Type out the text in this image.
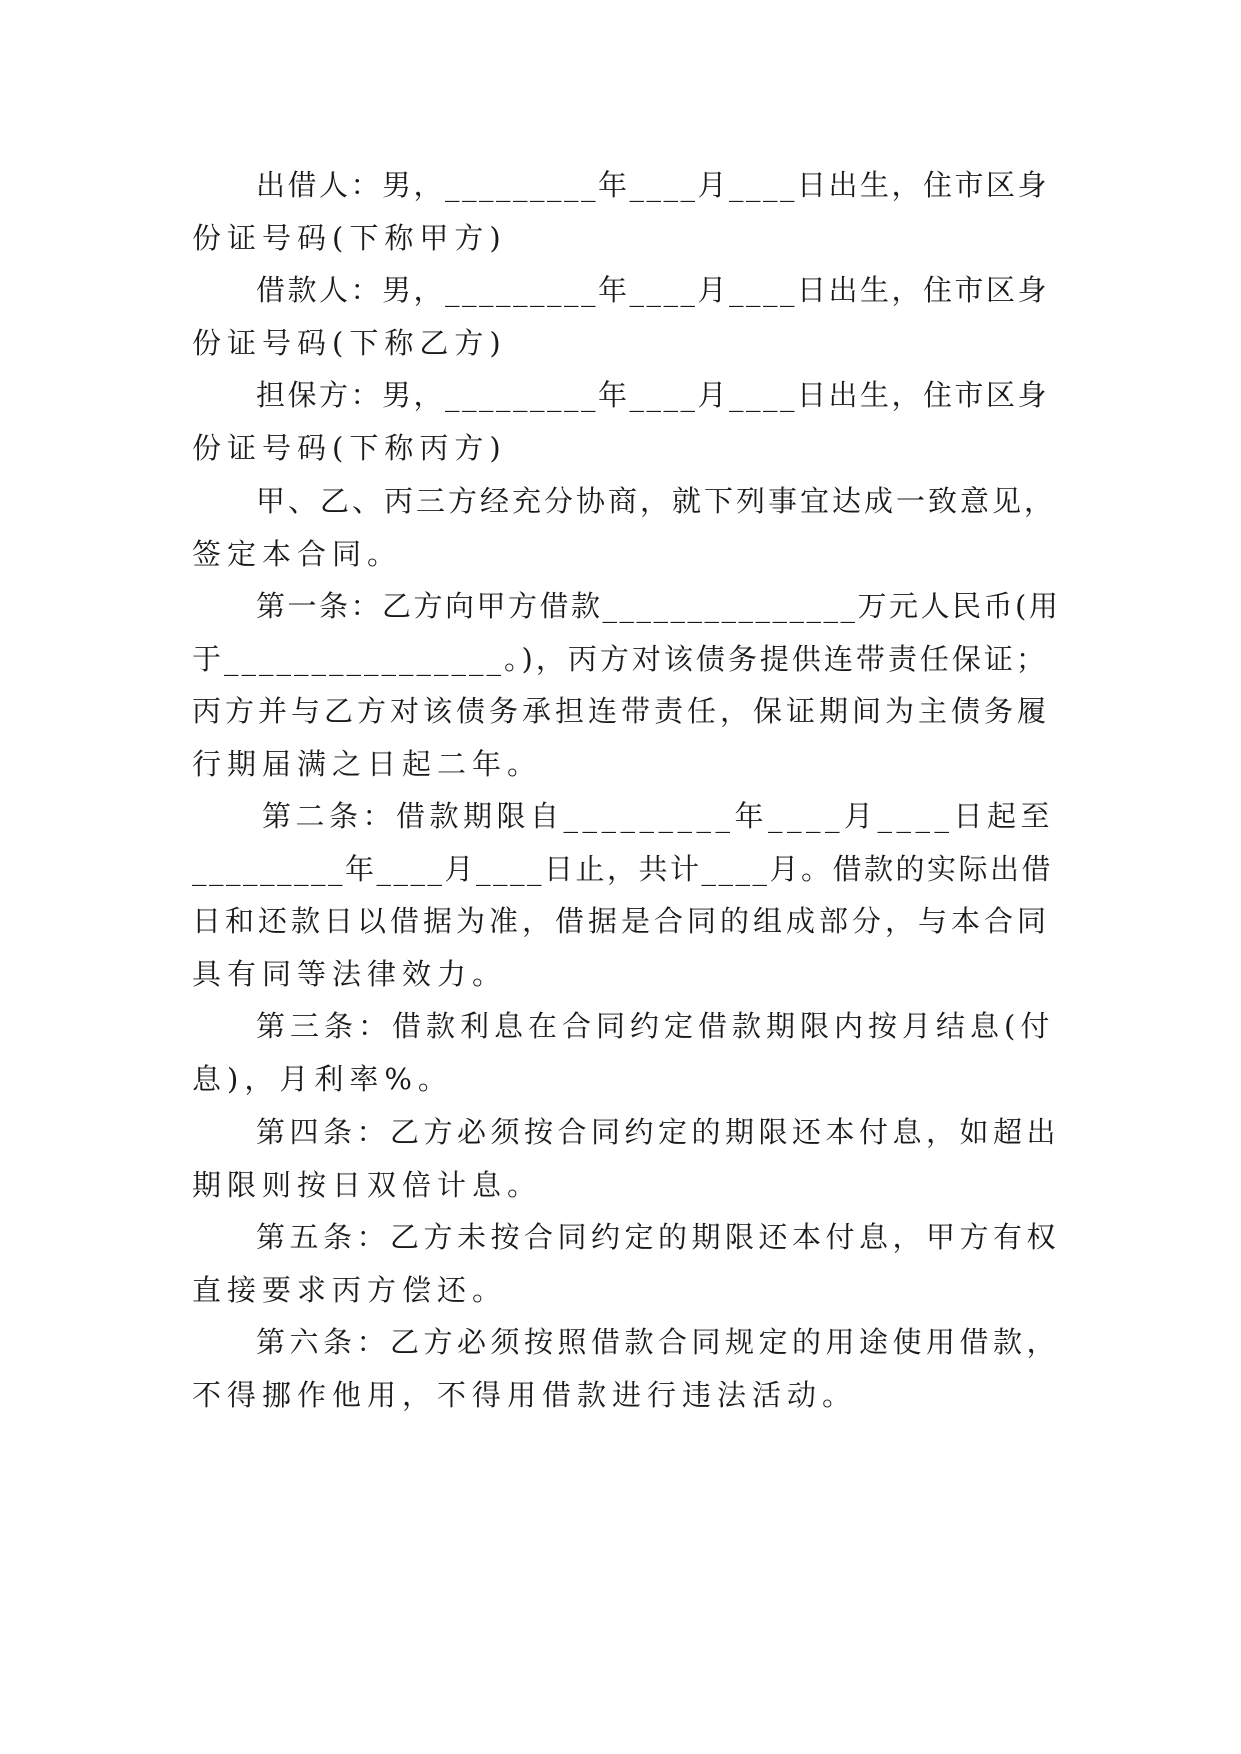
出借人：男，_________年____月____日出生，住市区身
份证号码(下称甲方)
借款人：男，_________年____月____日出生，住市区身
份证号码(下称乙方)
担保方：男，_________年____月____日出生，住市区身
份证号码(下称丙方)
甲、乙、丙三方经充分协商，就下列事宜达成一致意见，
签定本合同。
第一条：乙方向甲方借款_______________万元人民币(用
于________________。)，丙方对该债务提供连带责任保证；
丙方并与乙方对该债务承担连带责任，保证期间为主债务履
行期届满之日起二年。
第二条：借款期限自_________年____月____日起至
_________年____月____日止，共计____月。借款的实际出借
日和还款日以借据为准，借据是合同的组成部分，与本合同
具有同等法律效力。
第三条：借款利息在合同约定借款期限内按月结息(付
息)，月利率%。
第四条：乙方必须按合同约定的期限还本付息，如超出
期限则按日双倍计息。
第五条：乙方未按合同约定的期限还本付息，甲方有权
直接要求丙方偿还。
第六条：乙方必须按照借款合同规定的用途使用借款，
不得挪作他用，不得用借款进行违法活动。
